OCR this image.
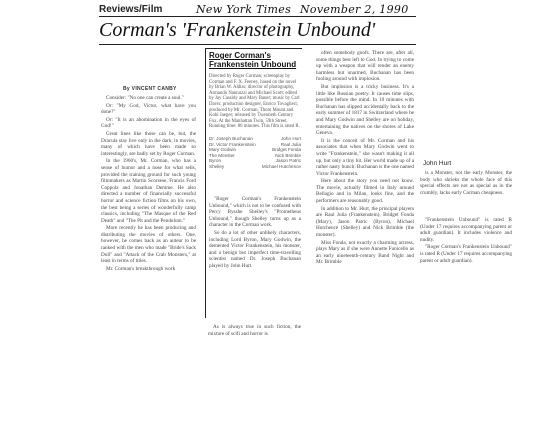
Reviews/Film	New York Times November 2, 1990
Corman's 'Frankenstein Unbound'
By VINCENT CANBY

Consider: "No one can create a soul."

Or: "My God, Victor, what have you done?"

Or: "It is an abomination in the eyes of God!"

Great lines like those can be, but, the Dracula stay live only in the dark, in movies, many of which have been made so interestingly, are badly set by Roger Corman.

In the 1960's, Mr. Corman, who has a sense of humor and a nose for what sells, provided the training ground for such young filmmakers as Martin Scorsese, Francis Ford Coppola and Jonathan Demme. He also directed a number of financially successful horror and science fiction films on his own, the best being a series of wonderfully camp classics, including "The Masque of the Red Death" and "The Pit and the Pendulum."

More recently he has been producing and distributing the movies of others. One, however, he comes back as an auteur to be ranked with the men who made "Bride's Sack Doll" and "Attack of the Crab Monsters," at least in terms of titles.

Mr. Corman's breakthrough work

Roger Corman's
Frankenstein Unbound
Directed by Roger Corman; screenplay by Corman and F. X. Feeney, based on the novel by Brian W. Aldiss; director of photography, Armando Nannuzzi and Michael Scott; edited by Jay Cassidy and Mary Bauer; music by Carl Davis; production designer, Enrico Tovaglieri; produced by Mr. Corman, Thom Mount and Kobi Jaeger; released by Twentieth Century Fox. At the Manhattan Twin, 59th Street. Running time: 86 minutes. This film is rated R.
Dr. Joseph Buchanan	John Hurt
Dr. Victor Frankenstein	Raul Julia
Mary Godwin	Bridget Fonda
The Monster	Nick Brimble
Byron	Jason Patric
Shelley	Michael Hutchence

"Roger Corman's Frankenstein Unbound," which is not to be confused with Percy Bysshe Shelley's "Prometheus Unbound," though Shelley turns up as a character in the Corman work.

So do a lot of other unlikely characters, including Lord Byron, Mary Godwin, the demented Victor Frankenstein, his monster, and a benign but imperfect time-travelling scientist named Dr. Joseph Buchanan played by John Hurt.

As is always true in such fiction, the mixture of scifi and horror is

often somebody goofs. There are, after all, some things best left to God. In trying to come up with a weapon that will render an enemy harmless but unarmed, Buchanan has been fooling around with implosion.

But implosion is a tricky business. It's a little like Russian poetry. It causes time slips, possible before the mind. In 10 minutes with Buchanan has slipped accidentally back to the early summer of 1817 in Switzerland where he and Mary Godwin and Shelley are on holiday, entertaining the natives on the shores of Lake Geneva.

It is the conceit of Mr. Corman and his associates that when Mary Godwin went to write "Frankenstein," she wasn't making it all up, but only a tiny bit. Her world made up of a rather nasty bunch. Buchanan is the one named Victor Frankenstein.

Here about the story you need not know. The movie, actually filmed in Italy around Bellagio and in Milan, looks fine, and the performers are reasonably good.

In addition to Mr. Hurt, the principal players are Raul Julia (Frankenstein), Bridget Fonda (Mary), Jason Patric (Byron), Michael Hutchence (Shelley) and Nick Brimble (the monster).

Miss Fonda, not exactly a charming actress, plays Mary as if she were Annette Funicello as an early nineteenth-century Band Night and Mr. Brimble

John Hurt

is a Monster, not the early Monster, the body who shrieks the whole face of this special effects are not as special as in the crumbly, lacks early Corman cheapness.

"Frankenstein Unbound" is rated R (Under 17 requires accompanying parent or adult guardian). It includes violence and nudity.

"Roger Corman's Frankenstein Unbound" is rated R (Under 17 requires accompanying parent or adult guardian).
